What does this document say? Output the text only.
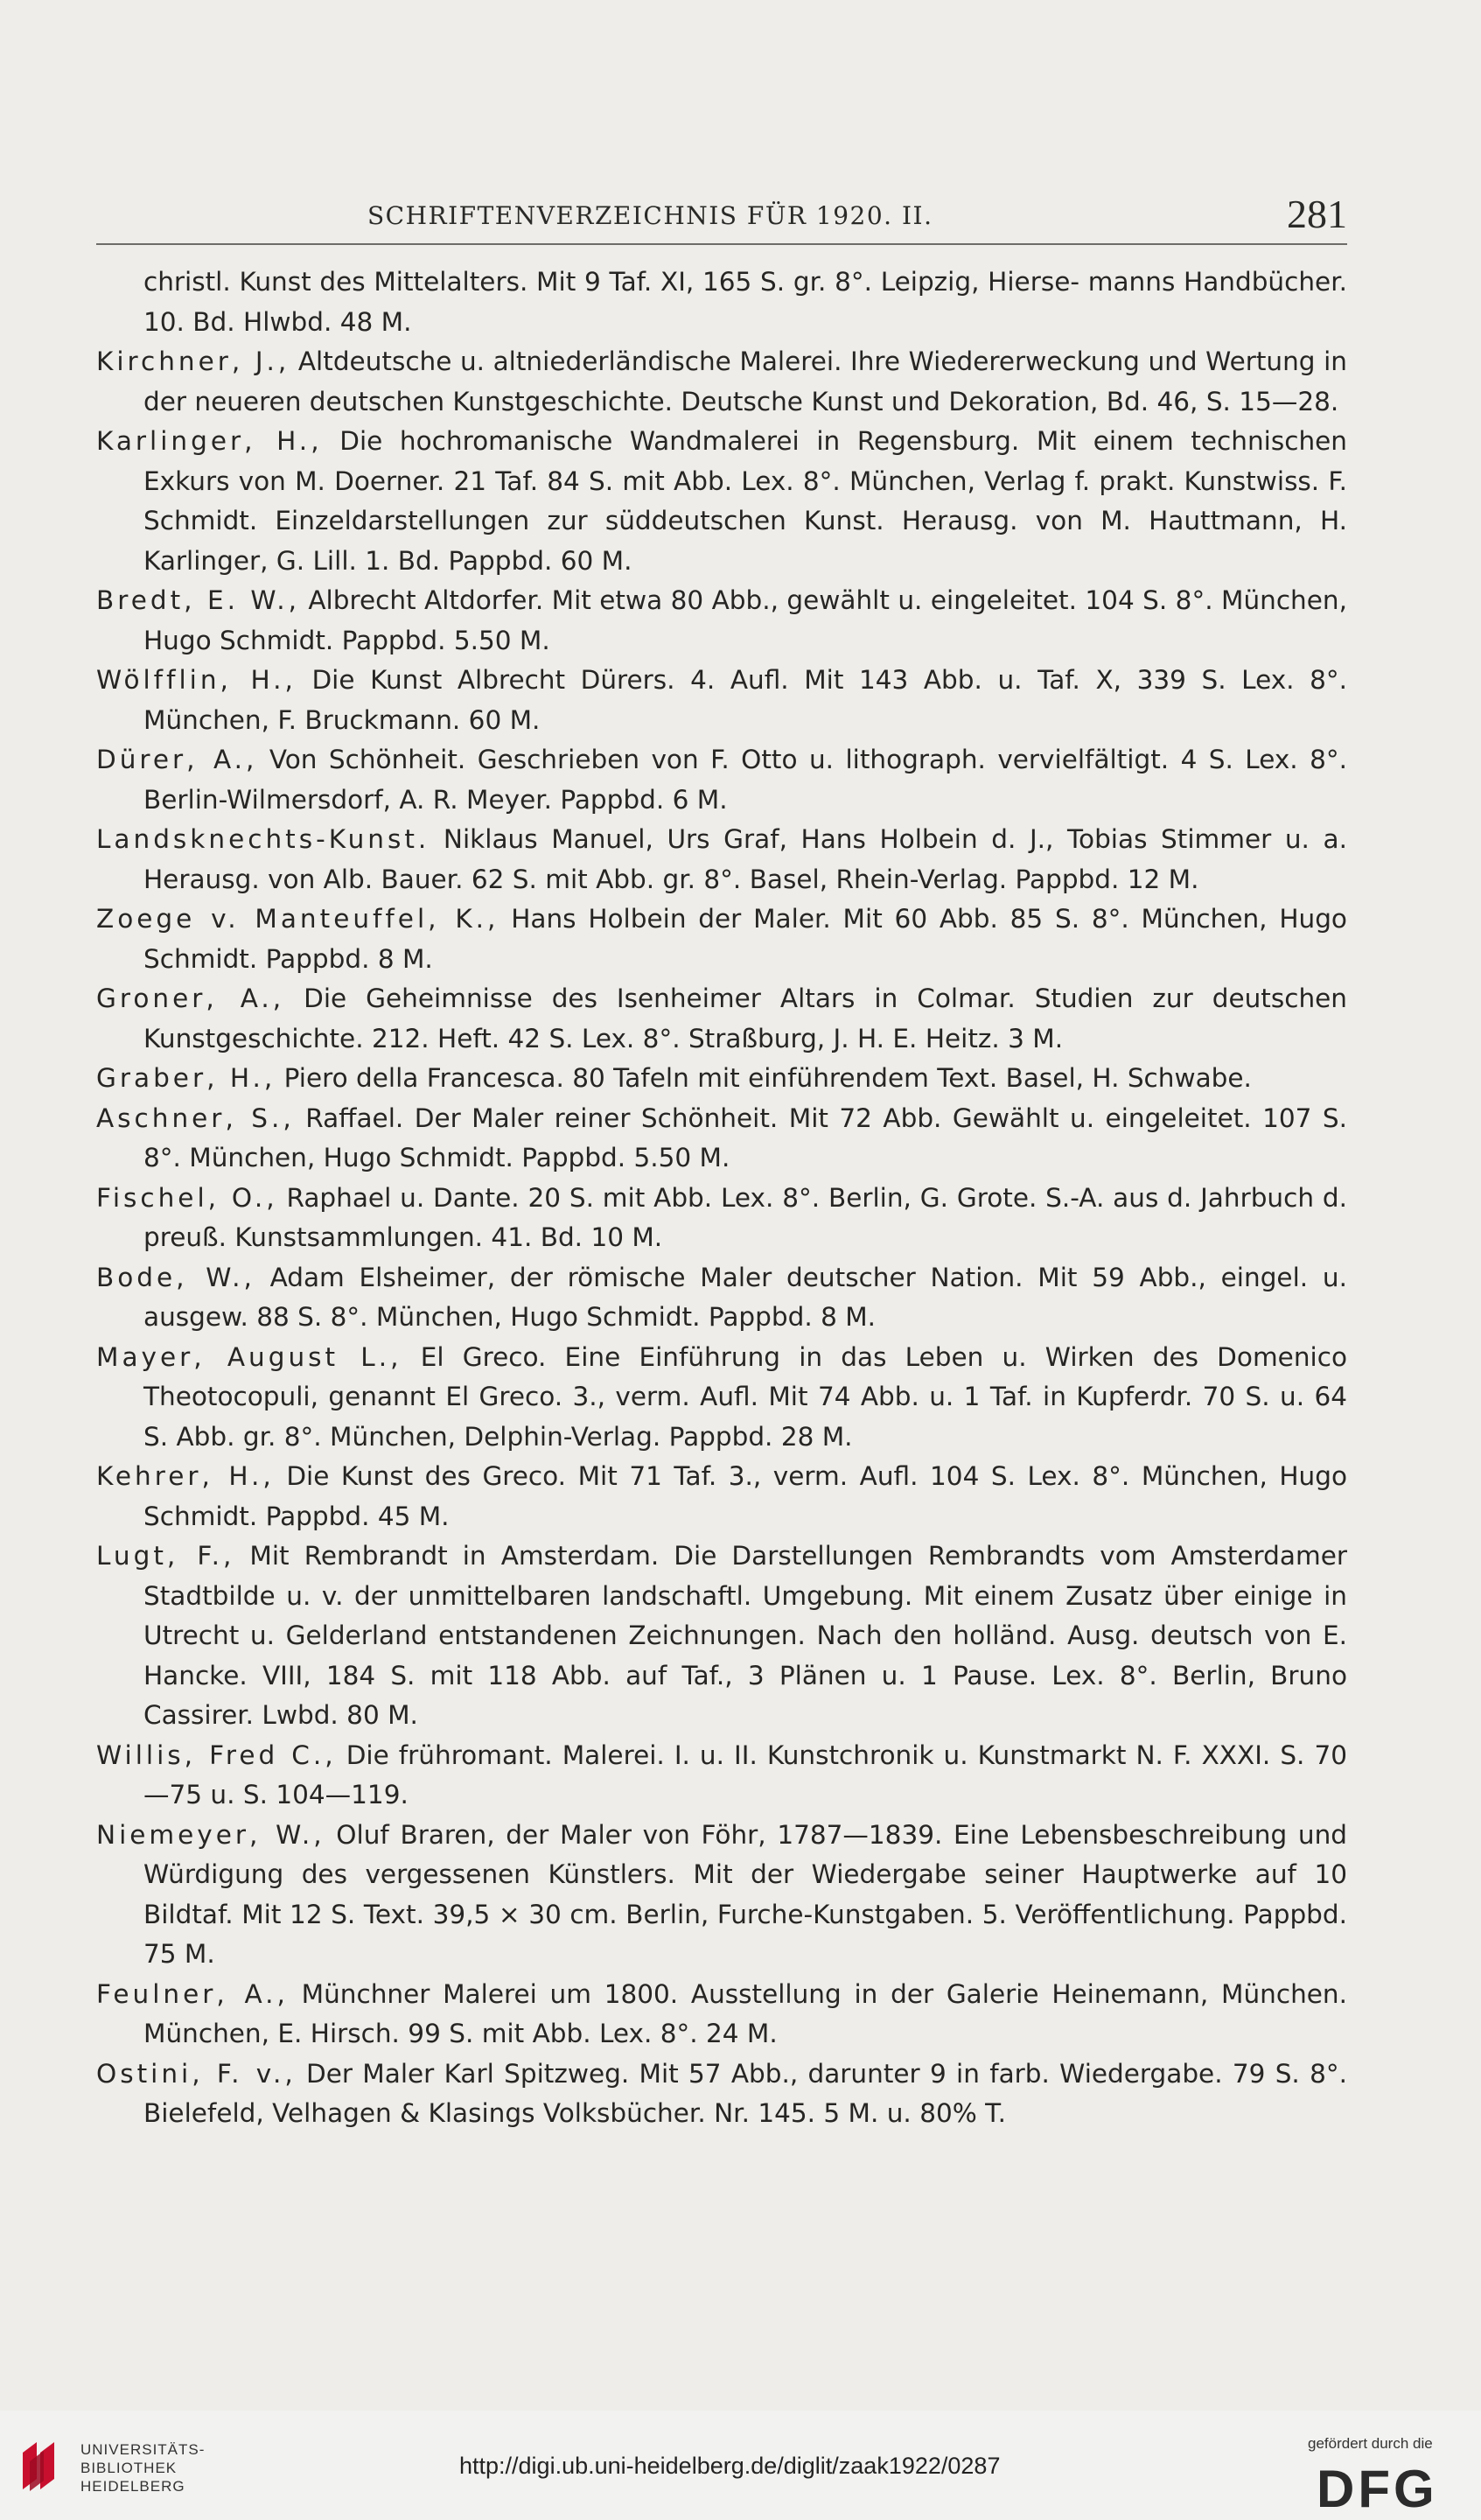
SCHRIFTENVERZEICHNIS FÜR 1920. II.	281
christl. Kunst des Mittelalters. Mit 9 Taf. XI, 165 S. gr. 8°. Leipzig, Hierse- manns Handbücher. 10. Bd. Hlwbd. 48 M.
Kirchner, J., Altdeutsche u. altniederländische Malerei. Ihre Wiedererweckung und Wertung in der neueren deutschen Kunstgeschichte. Deutsche Kunst und Dekoration, Bd. 46, S. 15—28.
Karlinger, H., Die hochromanische Wandmalerei in Regensburg. Mit einem technischen Exkurs von M. Doerner. 21 Taf. 84 S. mit Abb. Lex. 8°. München, Verlag f. prakt. Kunstwiss. F. Schmidt. Einzeldarstellungen zur süddeutschen Kunst. Herausg. von M. Hauttmann, H. Karlinger, G. Lill. 1. Bd. Pappbd. 60 M.
Bredt, E. W., Albrecht Altdorfer. Mit etwa 80 Abb., gewählt u. eingeleitet. 104 S. 8°. München, Hugo Schmidt. Pappbd. 5.50 M.
Wölfflin, H., Die Kunst Albrecht Dürers. 4. Aufl. Mit 143 Abb. u. Taf. X, 339 S. Lex. 8°. München, F. Bruckmann. 60 M.
Dürer, A., Von Schönheit. Geschrieben von F. Otto u. lithograph. vervielfältigt. 4 S. Lex. 8°. Berlin-Wilmersdorf, A. R. Meyer. Pappbd. 6 M.
Landsknechts-Kunst. Niklaus Manuel, Urs Graf, Hans Holbein d. J., Tobias Stimmer u. a. Herausg. von Alb. Bauer. 62 S. mit Abb. gr. 8°. Basel, Rhein-Verlag. Pappbd. 12 M.
Zoege v. Manteuffel, K., Hans Holbein der Maler. Mit 60 Abb. 85 S. 8°. München, Hugo Schmidt. Pappbd. 8 M.
Groner, A., Die Geheimnisse des Isenheimer Altars in Colmar. Studien zur deutschen Kunstgeschichte. 212. Heft. 42 S. Lex. 8°. Straßburg, J. H. E. Heitz. 3 M.
Graber, H., Piero della Francesca. 80 Tafeln mit einführendem Text. Basel, H. Schwabe.
Aschner, S., Raffael. Der Maler reiner Schönheit. Mit 72 Abb. Gewählt u. eingeleitet. 107 S. 8°. München, Hugo Schmidt. Pappbd. 5.50 M.
Fischel, O., Raphael u. Dante. 20 S. mit Abb. Lex. 8°. Berlin, G. Grote. S.-A. aus d. Jahrbuch d. preuß. Kunstsammlungen. 41. Bd. 10 M.
Bode, W., Adam Elsheimer, der römische Maler deutscher Nation. Mit 59 Abb., eingel. u. ausgew. 88 S. 8°. München, Hugo Schmidt. Pappbd. 8 M.
Mayer, August L., El Greco. Eine Einführung in das Leben u. Wirken des Domenico Theotocopuli, genannt El Greco. 3., verm. Aufl. Mit 74 Abb. u. 1 Taf. in Kupferdr. 70 S. u. 64 S. Abb. gr. 8°. München, Delphin-Verlag. Pappbd. 28 M.
Kehrer, H., Die Kunst des Greco. Mit 71 Taf. 3., verm. Aufl. 104 S. Lex. 8°. München, Hugo Schmidt. Pappbd. 45 M.
Lugt, F., Mit Rembrandt in Amsterdam. Die Darstellungen Rembrandts vom Amsterdamer Stadtbilde u. v. der unmittelbaren landschaftl. Umgebung. Mit einem Zusatz über einige in Utrecht u. Gelderland entstandenen Zeichnungen. Nach den holländ. Ausg. deutsch von E. Hancke. VIII, 184 S. mit 118 Abb. auf Taf., 3 Plänen u. 1 Pause. Lex. 8°. Berlin, Bruno Cassirer. Lwbd. 80 M.
Willis, Fred C., Die frühromant. Malerei. I. u. II. Kunstchronik u. Kunstmarkt N. F. XXXI. S. 70—75 u. S. 104—119.
Niemeyer, W., Oluf Braren, der Maler von Föhr, 1787—1839. Eine Lebensbeschreibung und Würdigung des vergessenen Künstlers. Mit der Wiedergabe seiner Hauptwerke auf 10 Bildtaf. Mit 12 S. Text. 39,5 × 30 cm. Berlin, Furche-Kunstgaben. 5. Veröffentlichung. Pappbd. 75 M.
Feulner, A., Münchner Malerei um 1800. Ausstellung in der Galerie Heinemann, München. München, E. Hirsch. 99 S. mit Abb. Lex. 8°. 24 M.
Ostini, F. v., Der Maler Karl Spitzweg. Mit 57 Abb., darunter 9 in farb. Wiedergabe. 79 S. 8°. Bielefeld, Velhagen & Klasings Volksbücher. Nr. 145. 5 M. u. 80% T.
UNIVERSITÄTS-
BIBLIOTHEK
HEIDELBERG
http://digi.ub.uni-heidelberg.de/diglit/zaak1922/0287
gefördert durch die
DFG
